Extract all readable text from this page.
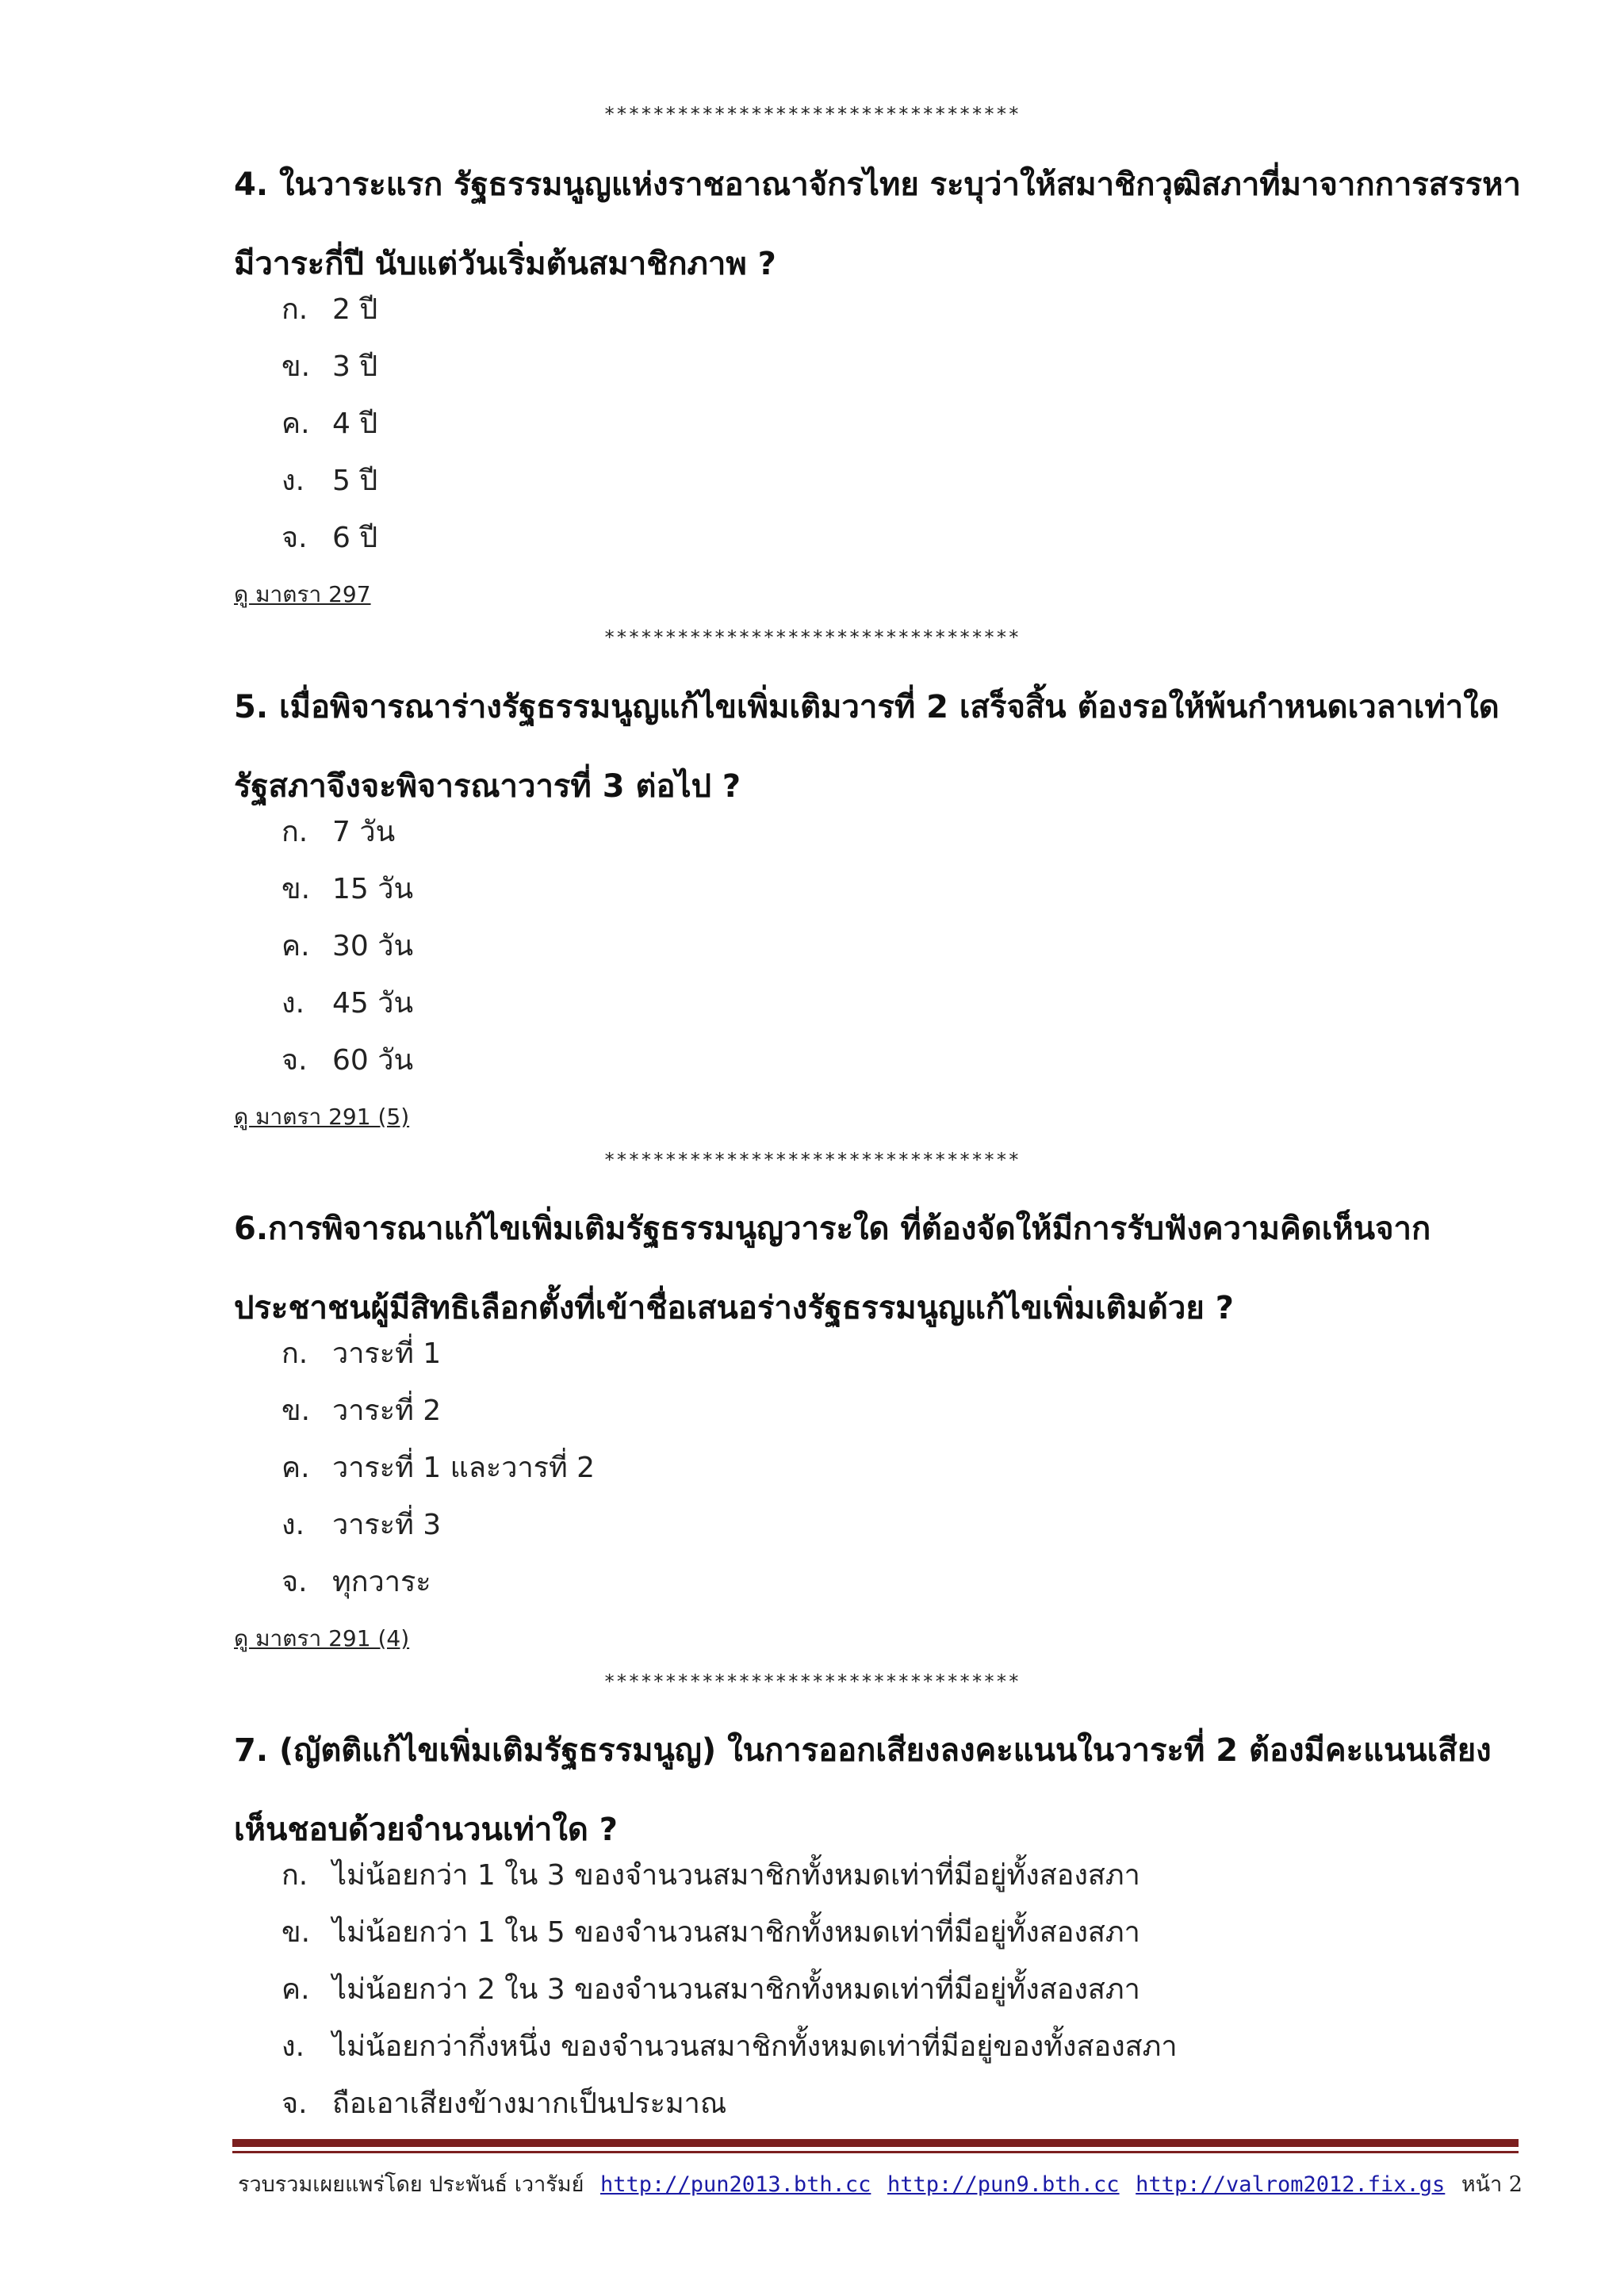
**********************************
4. ในวาระแรก รัฐธรรมนูญแห่งราชอาณาจักรไทย ระบุว่าให้สมาชิกวุฒิสภาที่มาจากการสรรหามีวาระกี่ปี นับแต่วันเริ่มต้นสมาชิกภาพ ?
ก. 2 ปี
ข. 3 ปี
ค. 4 ปี
ง. 5 ปี
จ. 6 ปี
ดู มาตรา 297
**********************************
5. เมื่อพิจารณาร่างรัฐธรรมนูญแก้ไขเพิ่มเติมวารที่ 2 เสร็จสิ้น ต้องรอให้พ้นกำหนดเวลาเท่าใด รัฐสภาจึงจะพิจารณาวารที่ 3 ต่อไป ?
ก. 7 วัน
ข. 15 วัน
ค. 30 วัน
ง. 45 วัน
จ. 60 วัน
ดู มาตรา 291 (5)
**********************************
6.การพิจารณาแก้ไขเพิ่มเติมรัฐธรรมนูญวาระใด ที่ต้องจัดให้มีการรับฟังความคิดเห็นจากประชาชนผู้มีสิทธิเลือกตั้งที่เข้าชื่อเสนอร่างรัฐธรรมนูญแก้ไขเพิ่มเติมด้วย ?
ก. วาระที่ 1
ข. วาระที่ 2
ค. วาระที่ 1 และวารที่ 2
ง. วาระที่ 3
จ. ทุกวาระ
ดู มาตรา 291 (4)
**********************************
7. (ญัตติแก้ไขเพิ่มเติมรัฐธรรมนูญ) ในการออกเสียงลงคะแนนในวาระที่ 2 ต้องมีคะแนนเสียงเห็นชอบด้วยจำนวนเท่าใด ?
ก. ไม่น้อยกว่า 1 ใน 3 ของจำนวนสมาชิกทั้งหมดเท่าที่มีอยู่ทั้งสองสภา
ข. ไม่น้อยกว่า 1 ใน 5 ของจำนวนสมาชิกทั้งหมดเท่าที่มีอยู่ทั้งสองสภา
ค. ไม่น้อยกว่า 2 ใน 3 ของจำนวนสมาชิกทั้งหมดเท่าที่มีอยู่ทั้งสองสภา
ง. ไม่น้อยกว่ากึ่งหนึ่ง ของจำนวนสมาชิกทั้งหมดเท่าที่มีอยู่ของทั้งสองสภา
จ. ถือเอาเสียงข้างมากเป็นประมาณ
รวบรวมเผยแพร่โดย ประพันธ์ เวารัมย์ http://pun2013.bth.cc http://pun9.bth.cc http://valrom2012.fix.gs หน้า 2
